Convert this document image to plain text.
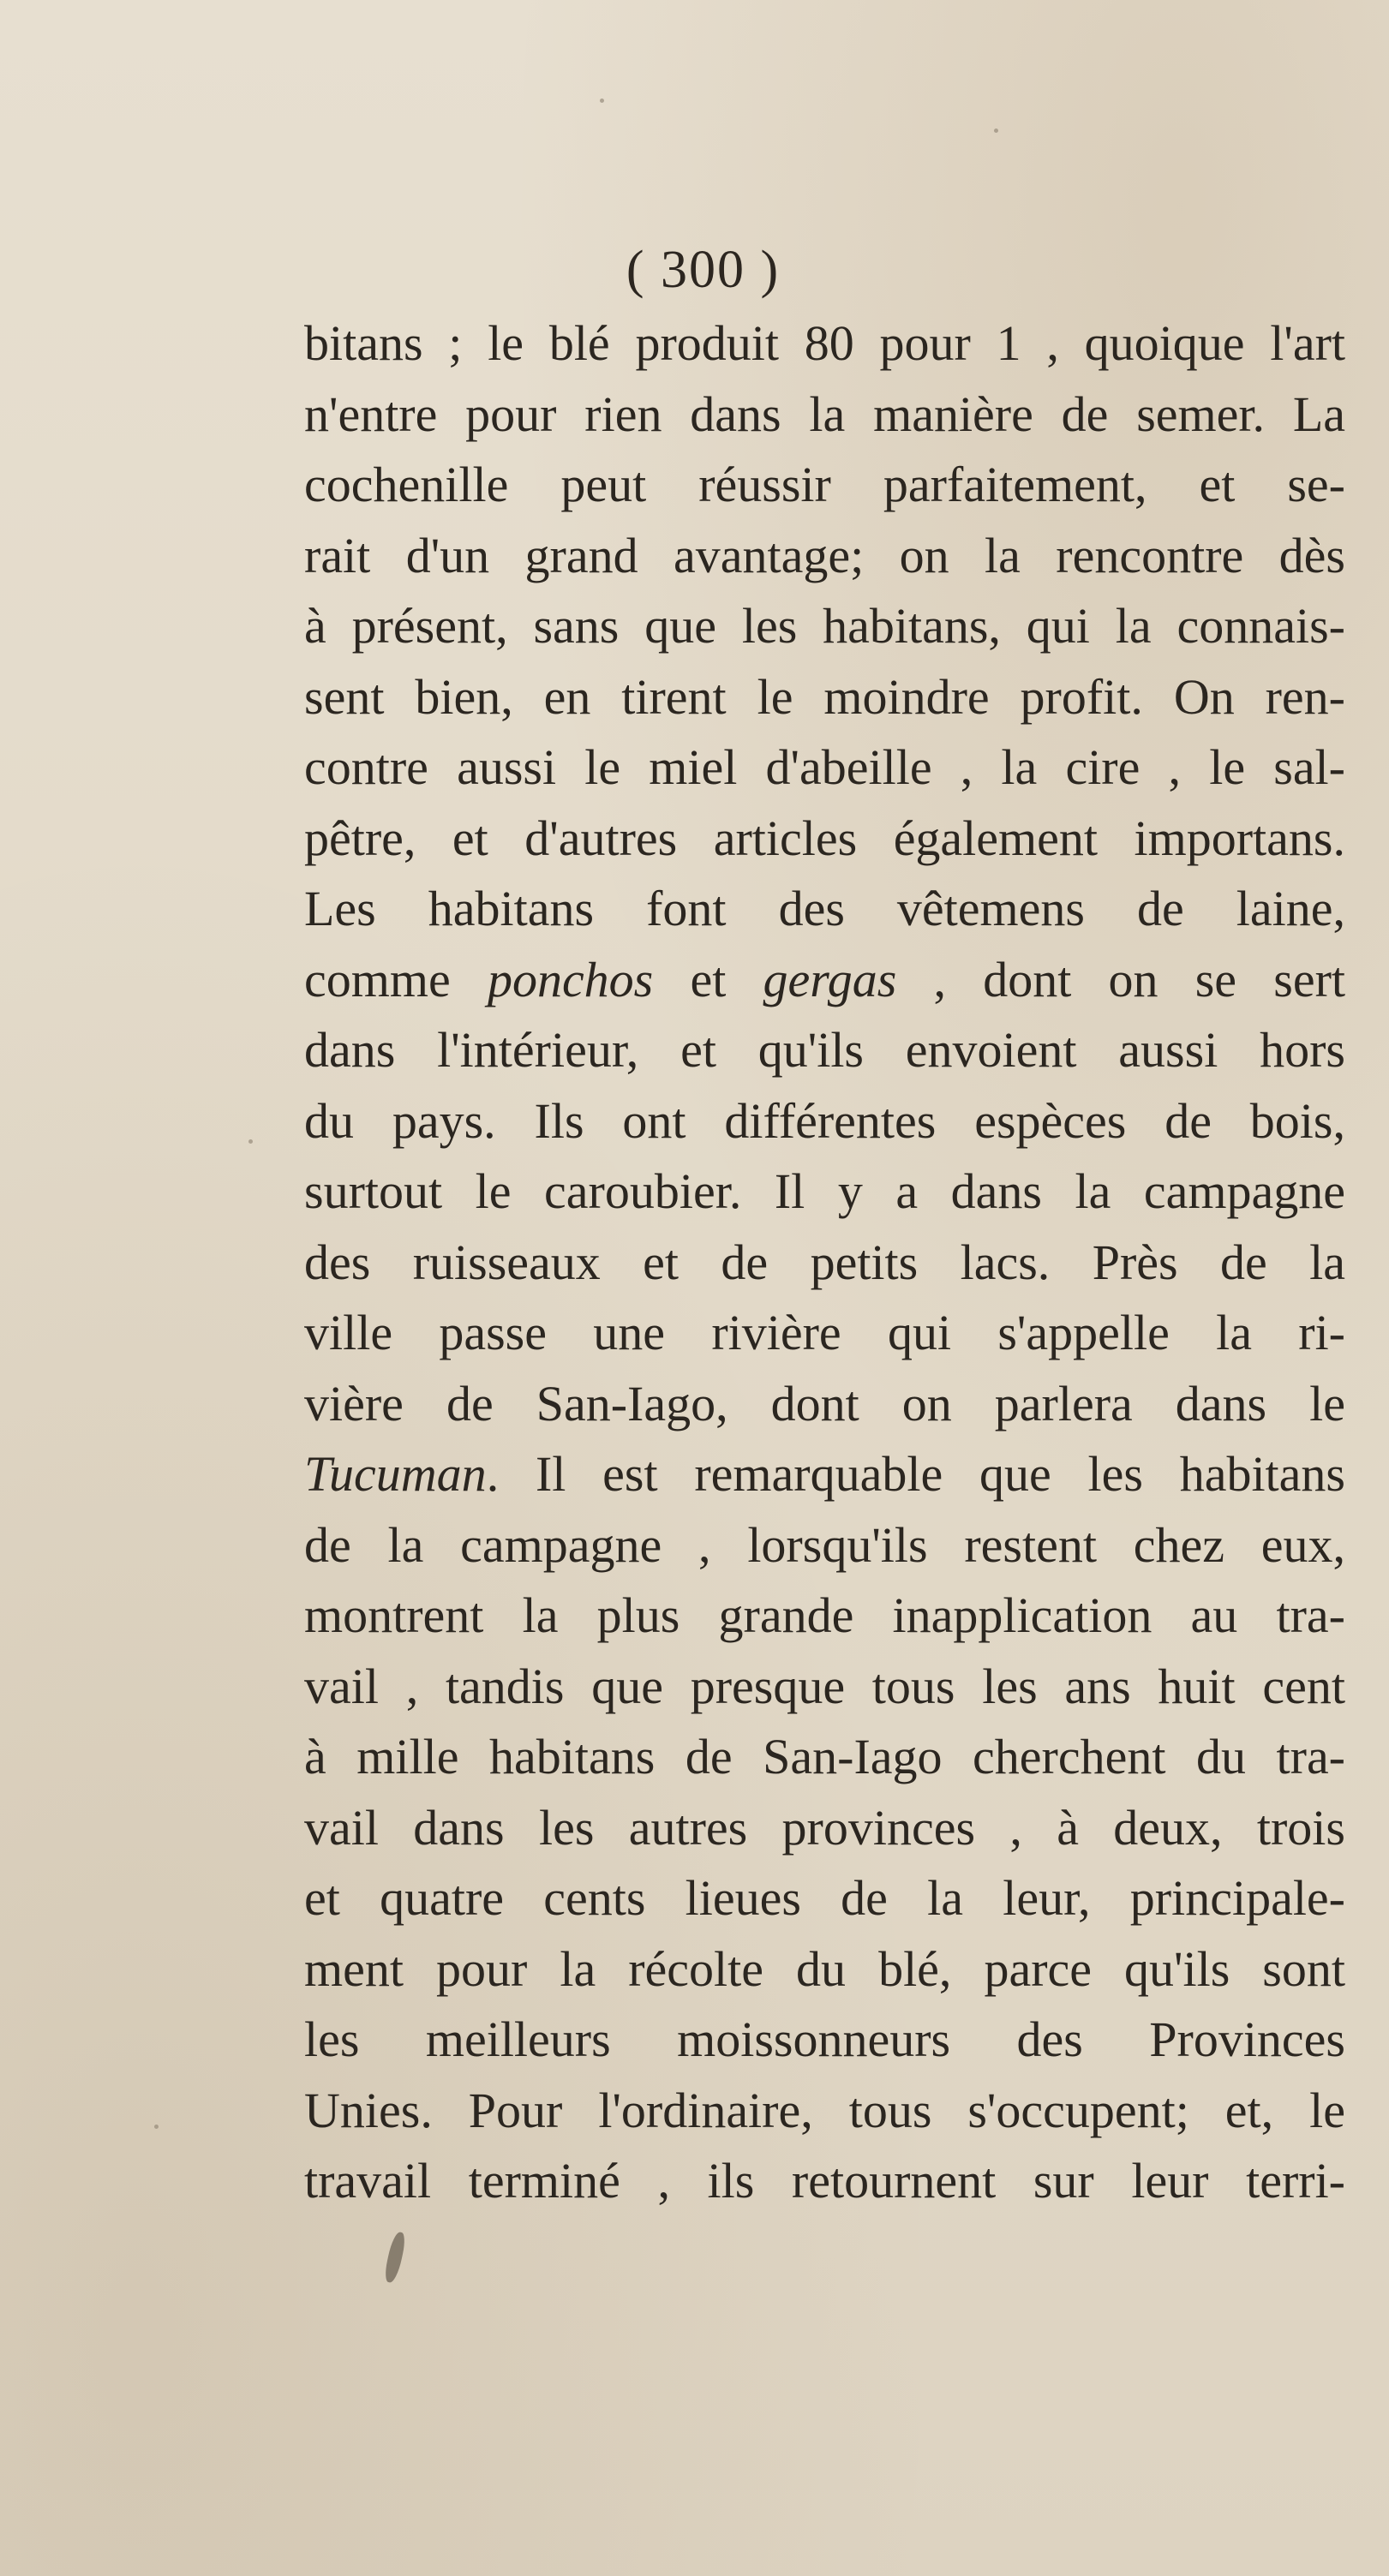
( 300 )
bitans ; le blé produit 80 pour 1 , quoique l'art
n'entre pour rien dans la manière de semer. La
cochenille peut réussir parfaitement, et se-
rait d'un grand avantage; on la rencontre dès
à présent, sans que les habitans, qui la connais-
sent bien, en tirent le moindre profit. On ren-
contre aussi le miel d'abeille , la cire , le sal-
pêtre, et d'autres articles également importans.
Les habitans font des vêtemens de laine,
comme ponchos et gergas , dont on se sert
dans l'intérieur, et qu'ils envoient aussi hors
du pays. Ils ont différentes espèces de bois,
surtout le caroubier. Il y a dans la campagne
des ruisseaux et de petits lacs. Près de la
ville passe une rivière qui s'appelle la ri-
vière de San-Iago, dont on parlera dans le
Tucuman. Il est remarquable que les habitans
de la campagne , lorsqu'ils restent chez eux,
montrent la plus grande inapplication au tra-
vail , tandis que presque tous les ans huit cent
à mille habitans de San-Iago cherchent du tra-
vail dans les autres provinces , à deux, trois
et quatre cents lieues de la leur, principale-
ment pour la récolte du blé, parce qu'ils sont
les meilleurs moissonneurs des Provinces
Unies. Pour l'ordinaire, tous s'occupent; et, le
travail terminé , ils retournent sur leur terri-
